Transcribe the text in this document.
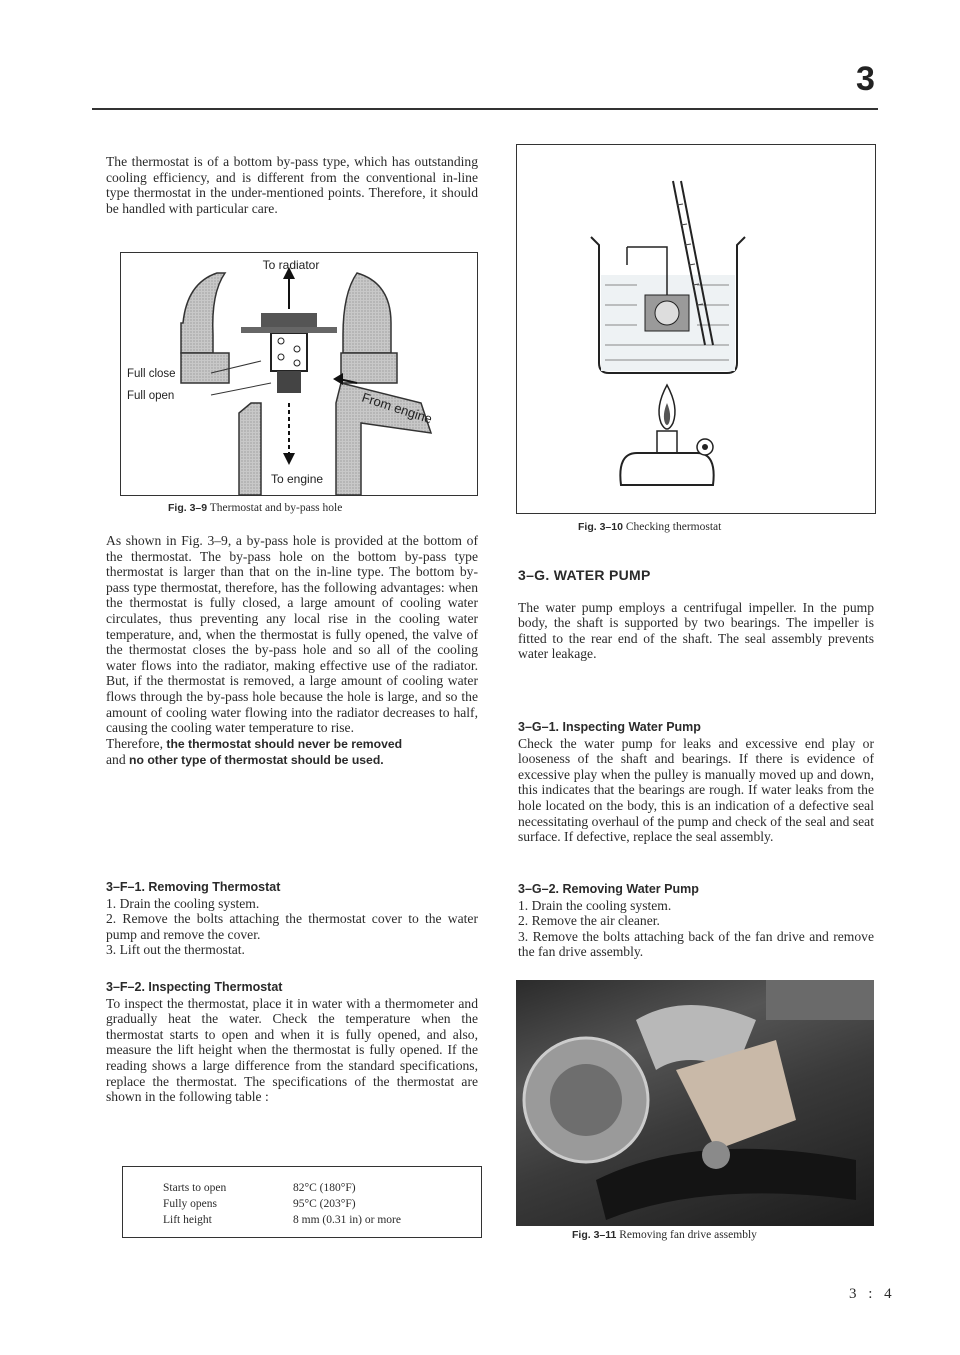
3

The thermostat is of a bottom by-pass type, which has outstanding cooling efficiency, and is different from the conventional in-line type thermostat in the under-mentioned points. Therefore, it should be handled with particular care.

To radiator
Full close
Full open	From engine
To engine
Fig. 3–9 Thermostat and by-pass hole

As shown in Fig. 3–9, a by-pass hole is provided at the bottom of the thermostat. The by-pass hole on the bottom by-pass type thermostat is larger than that on the in-line type. The bottom by-pass type thermostat, therefore, has the following advantages: when the thermostat is fully closed, a large amount of cooling water circulates, thus preventing any local rise in the cooling water temperature, and, when the thermostat is fully opened, the valve of the thermostat closes the by-pass hole and so all of the cooling water flows into the radiator, making effective use of the radiator. But, if the thermostat is removed, a large amount of cooling water flows through the by-pass hole because the hole is large, and so the amount of cooling water flowing into the radiator decreases to half, causing the cooling water temperature to rise.

Therefore, the thermostat should never be removed
and no other type of thermostat should be used.

3–F–1. Removing Thermostat

1. Drain the cooling system.

2. Remove the bolts attaching the thermostat cover to the water pump and remove the cover.

3. Lift out the thermostat.

3–F–2. Inspecting Thermostat

To inspect the thermostat, place it in water with a thermometer and gradually heat the water. Check the temperature when the thermostat starts to open and when it is fully opened, and also, measure the lift height when the thermostat is fully opened. If the reading shows a large difference from the standard specifications, replace the thermostat. The specifications of the thermostat are shown in the following table :

Starts to open	82°C (180°F)
Fully opens	95°C (203°F)
Lift height	8 mm (0.31 in) or more
Fig. 3–10 Checking thermostat

3–G. WATER PUMP

The water pump employs a centrifugal impeller. In the pump body, the shaft is supported by two bearings. The impeller is fitted to the rear end of the shaft. The seal assembly prevents water leakage.

3–G–1. Inspecting Water Pump

Check the water pump for leaks and excessive end play or looseness of the shaft and bearings. If there is evidence of excessive play when the pulley is manually moved up and down, this indicates that the bearings are rough. If water leaks from the hole located on the body, this is an indication of a defective seal necessitating overhaul of the pump and check of the seal and seat surface. If defective, replace the seal assembly.

3–G–2. Removing Water Pump

1. Drain the cooling system.

2. Remove the air cleaner.

3. Remove the bolts attaching back of the fan drive and remove the fan drive assembly.

Fig. 3–11 Removing fan drive assembly
3 : 4
